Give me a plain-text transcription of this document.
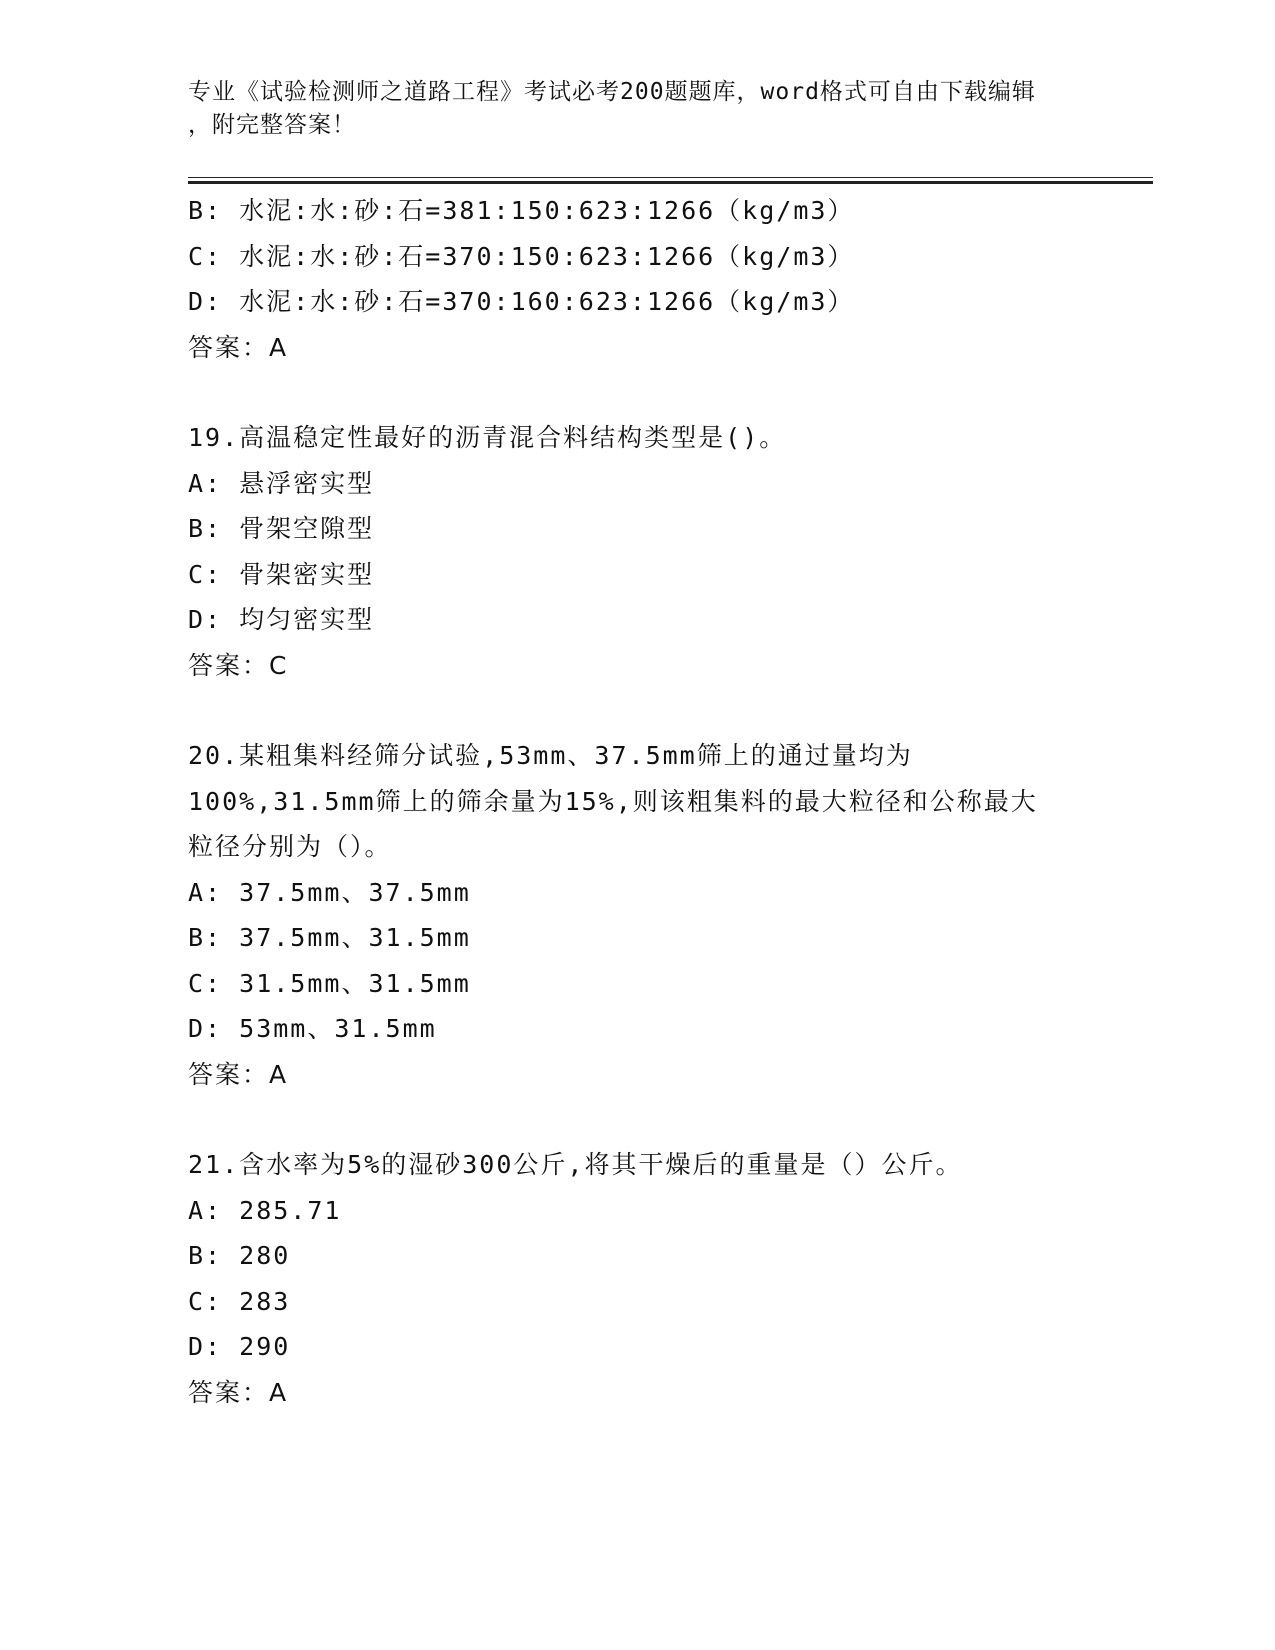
专业《试验检测师之道路工程》考试必考200题题库，word格式可自由下载编辑
，附完整答案！
B: 水泥:水:砂:石=381:150:623:1266（kg/m3）
C: 水泥:水:砂:石=370:150:623:1266（kg/m3）
D: 水泥:水:砂:石=370:160:623:1266（kg/m3）
答案：A
19.高温稳定性最好的沥青混合料结构类型是()。
A: 悬浮密实型
B: 骨架空隙型
C: 骨架密实型
D: 均匀密实型
答案：C
20.某粗集料经筛分试验,53mm、37.5mm筛上的通过量均为
100%,31.5mm筛上的筛余量为15%,则该粗集料的最大粒径和公称最大
粒径分别为（）。
A: 37.5mm、37.5mm
B: 37.5mm、31.5mm
C: 31.5mm、31.5mm
D: 53mm、31.5mm
答案：A
21.含水率为5%的湿砂300公斤,将其干燥后的重量是（）公斤。
A: 285.71
B: 280
C: 283
D: 290
答案：A
